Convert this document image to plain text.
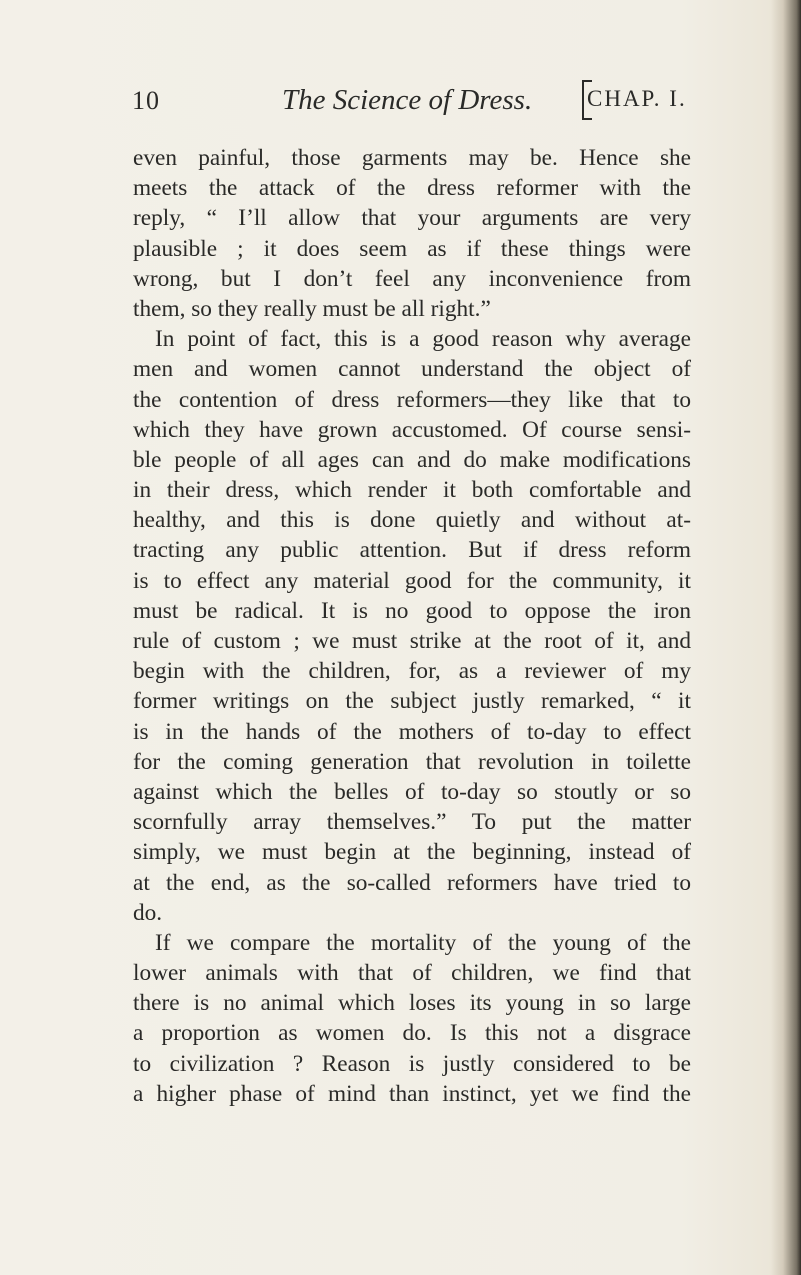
10	The Science of Dress. CHAP. I.
even painful, those garments may be. Hence she
meets the attack of the dress reformer with the
reply, “ I’ll allow that your arguments are very
plausible ; it does seem as if these things were
wrong, but I don’t feel any inconvenience from
them, so they really must be all right.”
In point of fact, this is a good reason why average
men and women cannot understand the object of
the contention of dress reformers—they like that to
which they have grown accustomed. Of course sensi-
ble people of all ages can and do make modifications
in their dress, which render it both comfortable and
healthy, and this is done quietly and without at-
tracting any public attention. But if dress reform
is to effect any material good for the community, it
must be radical. It is no good to oppose the iron
rule of custom ; we must strike at the root of it, and
begin with the children, for, as a reviewer of my
former writings on the subject justly remarked, “ it
is in the hands of the mothers of to-day to effect
for the coming generation that revolution in toilette
against which the belles of to-day so stoutly or so
scornfully array themselves.” To put the matter
simply, we must begin at the beginning, instead of
at the end, as the so-called reformers have tried to
do.
If we compare the mortality of the young of the
lower animals with that of children, we find that
there is no animal which loses its young in so large
a proportion as women do. Is this not a disgrace
to civilization ? Reason is justly considered to be
a higher phase of mind than instinct, yet we find the
